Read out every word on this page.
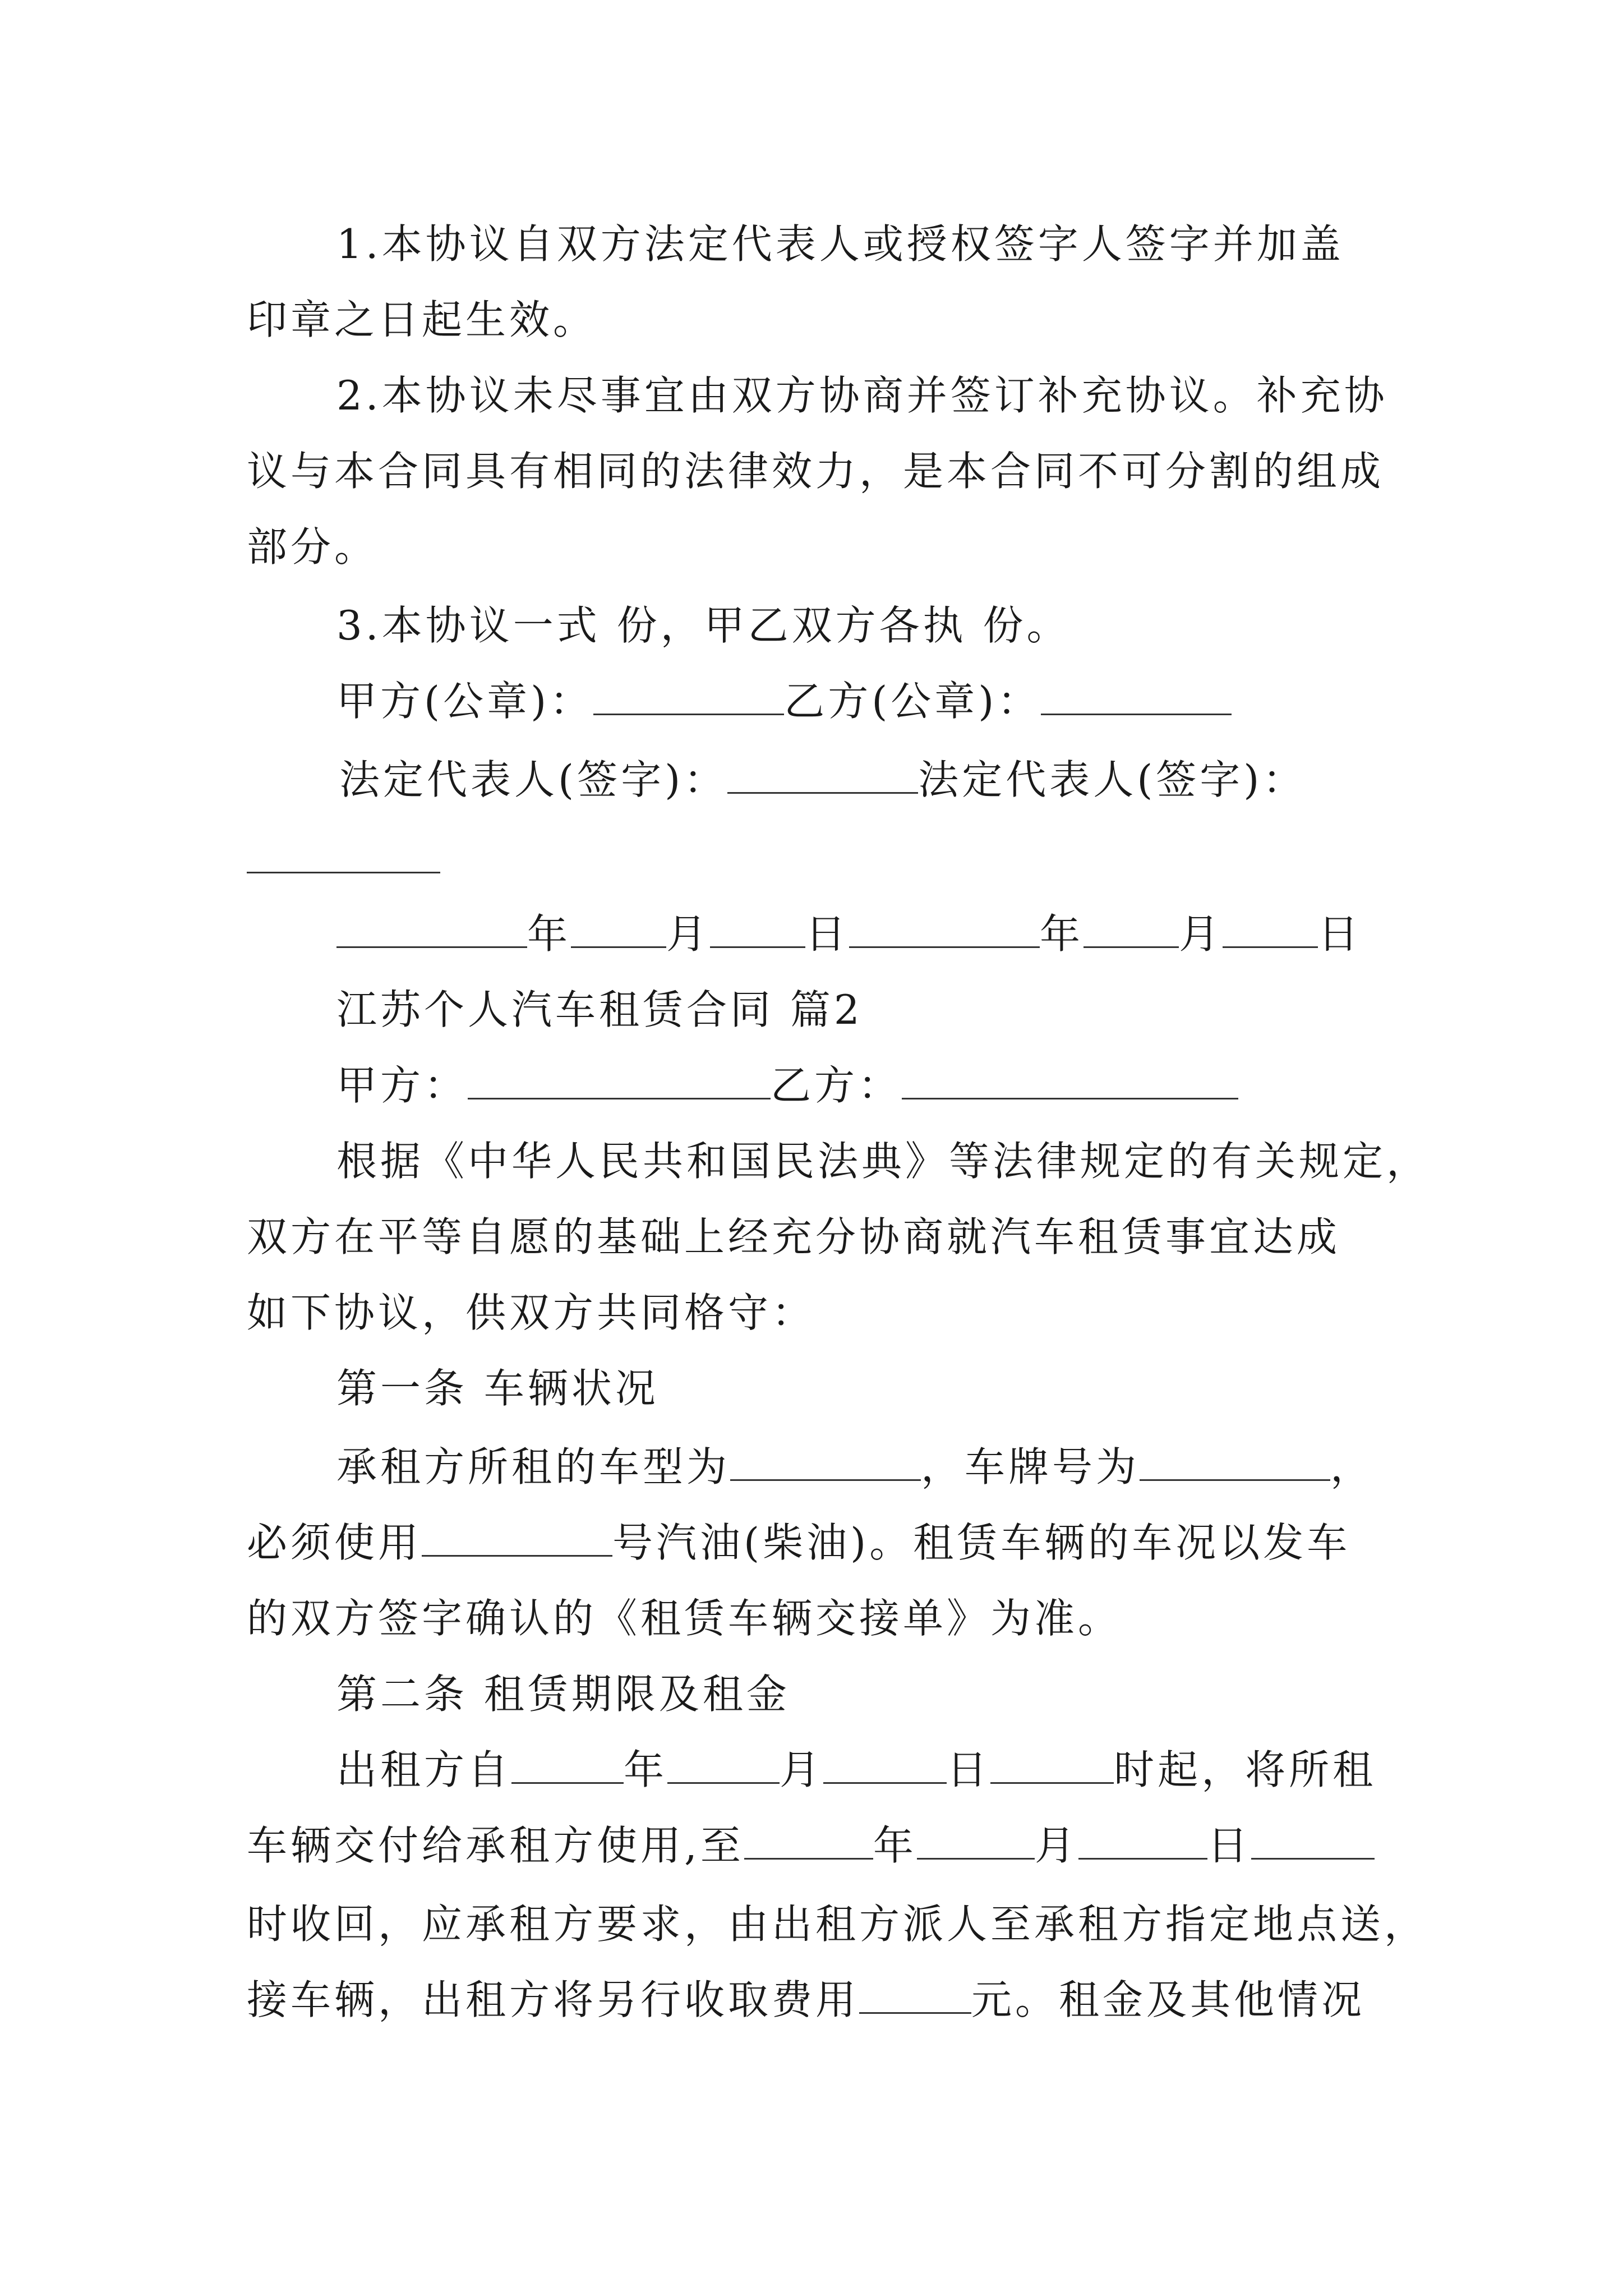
1.本协议自双方法定代表人或授权签字人签字并加盖
印章之日起生效。
2.本协议未尽事宜由双方协商并签订补充协议。补充协
议与本合同具有相同的法律效力，是本合同不可分割的组成
部分。
3.本协议一式 份，甲乙双方各执 份。
甲方(公章)：	乙方(公章)：
法定代表人(签字)：	法定代表人(签字)：
年 月 日	年 月 日
江苏个人汽车租赁合同 篇2
甲方：	乙方：
根据《中华人民共和国民法典》等法律规定的有关规定，
双方在平等自愿的基础上经充分协商就汽车租赁事宜达成
如下协议，供双方共同格守：
第一条 车辆状况
承租方所租的车型为	，车牌号为	，
必须使用	号汽油(柴油)。租赁车辆的车况以发车
的双方签字确认的《租赁车辆交接单》为准。
第二条 租赁期限及租金
出租方自	年	月	日	时起，将所租
车辆交付给承租方使用,至	年	月	日
时收回，应承租方要求，由出租方派人至承租方指定地点送，
接车辆，出租方将另行收取费用	元。租金及其他情况
